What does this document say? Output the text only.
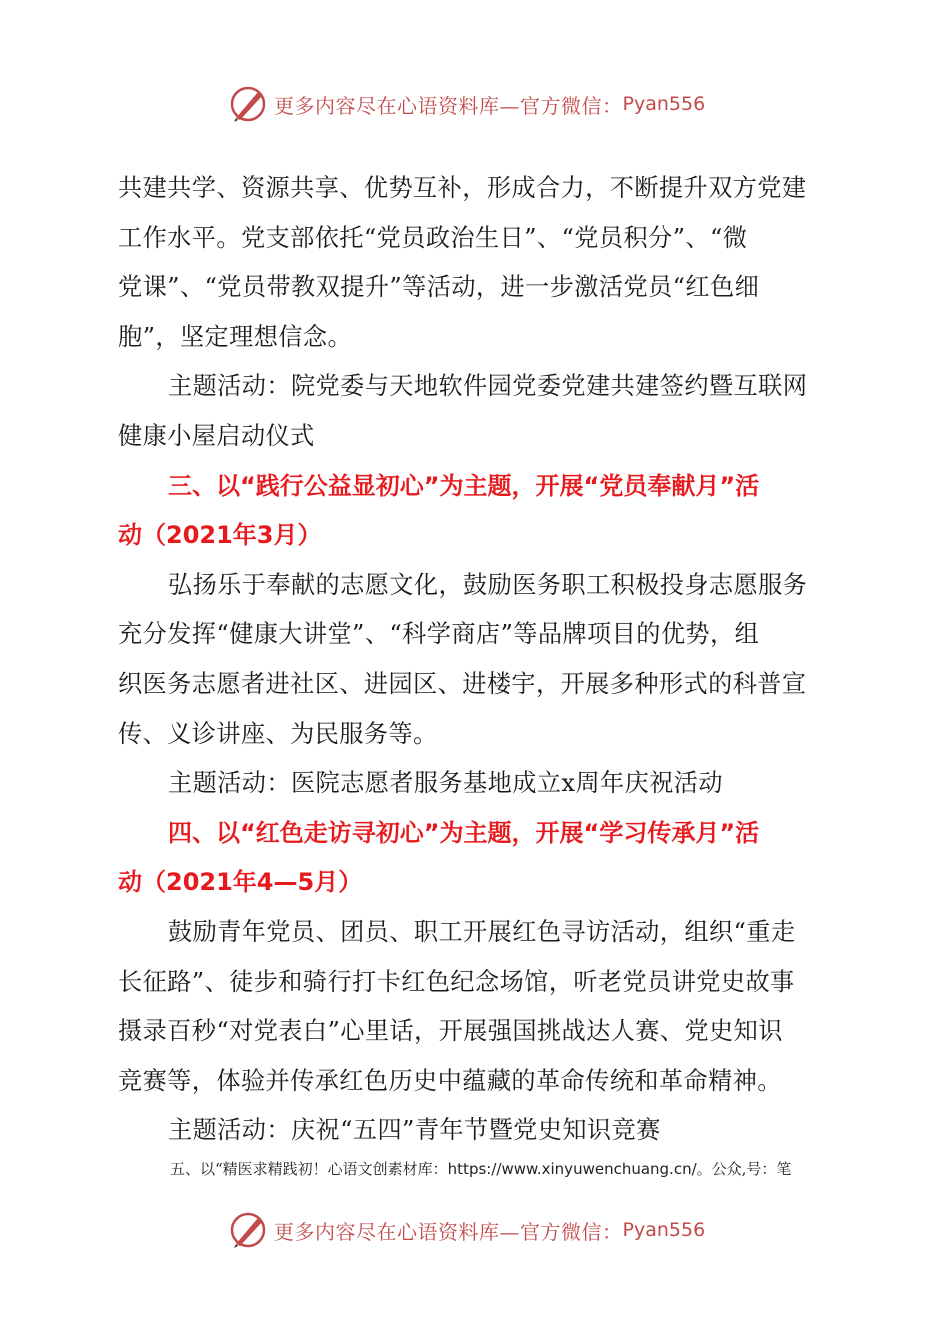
更多内容尽在心语资料库—官方微信： Pyan556

共建共学、资源共享、优势互补，形成合力，不断提升双方党建

工作水平。党支部依托“党员政治生日”、“党员积分”、“微

党课”、“党员带教双提升”等活动，进一步激活党员“红色细

胞”，坚定理想信念。

主题活动：院党委与天地软件园党委党建共建签约暨互联网

健康小屋启动仪式

三、以“践行公益显初心”为主题，开展“党员奉献月”活

动（2021年3月）

弘扬乐于奉献的志愿文化，鼓励医务职工积极投身志愿服务

充分发挥“健康大讲堂”、“科学商店”等品牌项目的优势，组

织医务志愿者进社区、进园区、进楼宇，开展多种形式的科普宣

传、义诊讲座、为民服务等。

主题活动：医院志愿者服务基地成立x周年庆祝活动

四、以“红色走访寻初心”为主题，开展“学习传承月”活

动（2021年4—5月）

鼓励青年党员、团员、职工开展红色寻访活动，组织“重走

长征路”、徒步和骑行打卡红色纪念场馆，听老党员讲党史故事

摄录百秒“对党表白”心里话，开展强国挑战达人赛、党史知识

竞赛等，体验并传承红色历史中蕴藏的革命传统和革命精神。

主题活动：庆祝“五四”青年节暨党史知识竞赛

五、以“精医求精践初！心语文创素材库：https://www.xinyuwenchuang.cn/。公众,号：笔
更多内容尽在心语资料库—官方微信： Pyan556
